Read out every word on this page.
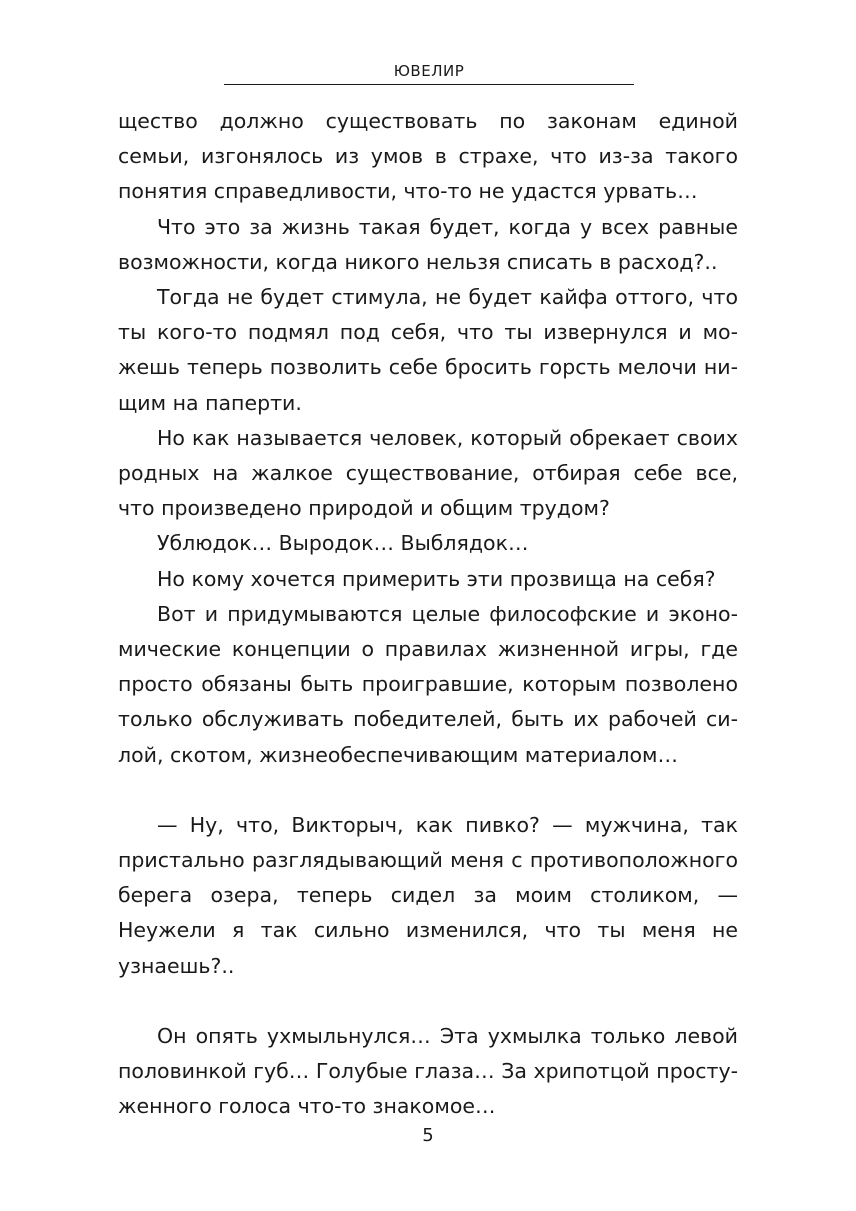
ЮВЕЛИР

щество должно существовать по законам единой семьи, изгонялось из умов в страхе, что из-за такого понятия справедливости, что-то не удастся урвать…

Что это за жизнь такая будет, когда у всех равные возможности, когда никого нельзя списать в расход?..

Тогда не будет стимула, не будет кайфа оттого, что ты кого-то подмял под себя, что ты извернулся и можешь теперь позволить себе бросить горсть мелочи нищим на паперти.

Но как называется человек, который обрекает своих родных на жалкое существование, отбирая себе все, что произведено природой и общим трудом?

Ублюдок… Выродок… Выблядок…

Но кому хочется примерить эти прозвища на себя?

Вот и придумываются целые философские и экономические концепции о правилах жизненной игры, где просто обязаны быть проигравшие, которым позволено только обслуживать победителей, быть их рабочей силой, скотом, жизнеобеспечивающим материалом…

— Ну, что, Викторыч, как пивко? — мужчина, так пристально разглядывающий меня с противоположного берега озера, теперь сидел за моим столиком, — Неужели я так сильно изменился, что ты меня не узнаешь?..

Он опять ухмыльнулся… Эта ухмылка только левой половинкой губ… Голубые глаза… За хрипотцой простуженного голоса что-то знакомое…

5
